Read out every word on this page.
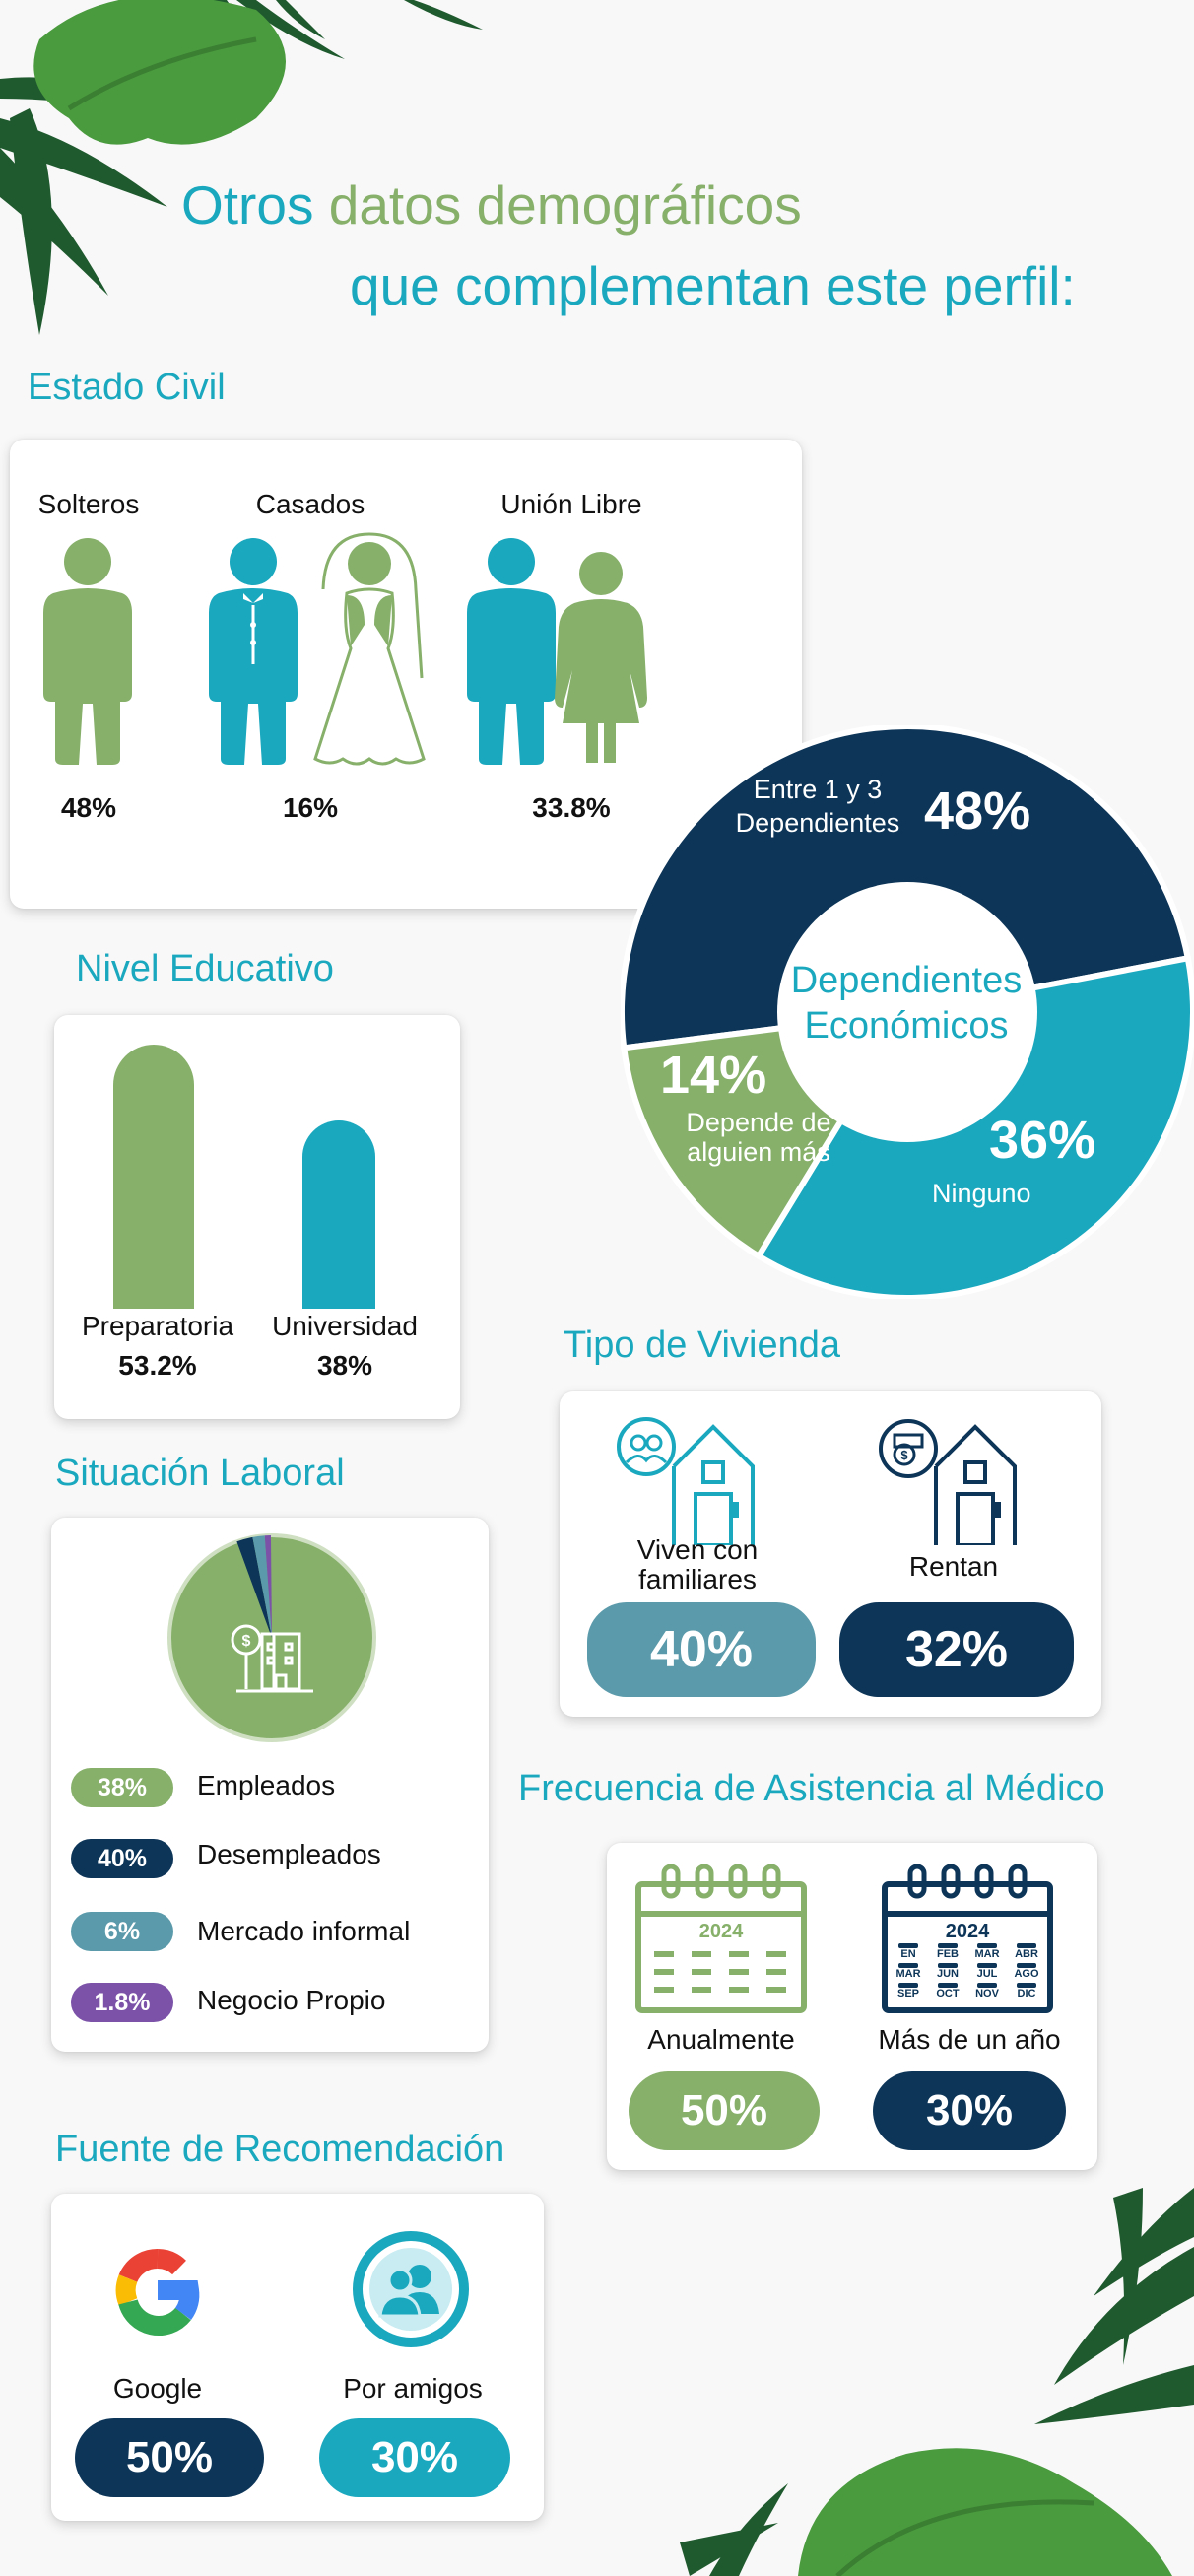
Otros datos demográficos
que complementan este perfil:
Estado Civil
Solteros	Casados	Unión Libre
48%	16%	33.8%
Dependientes Económicos
Entre 1 y 3 Dependientes 48%
36%
Ninguno
14%
Depende de alguien más
Nivel Educativo
Preparatoria
53.2%
Universidad
38%	Tipo de Vivienda
$
Viven con familiares	Rentan
40%	32%
Situación Laboral
$
38%	Empleados
40%	Desempleados
6%	Mercado informal
1.8%	Negocio Propio
Frecuencia de Asistencia al Médico
2024	2024
EN FEB MAR ABR
MAR JUN JUL AGO
SEP OCT NOV DIC
Anualmente	Más de un año
50%	30%
Fuente de Recomendación
Google	Por amigos
50%	30%
